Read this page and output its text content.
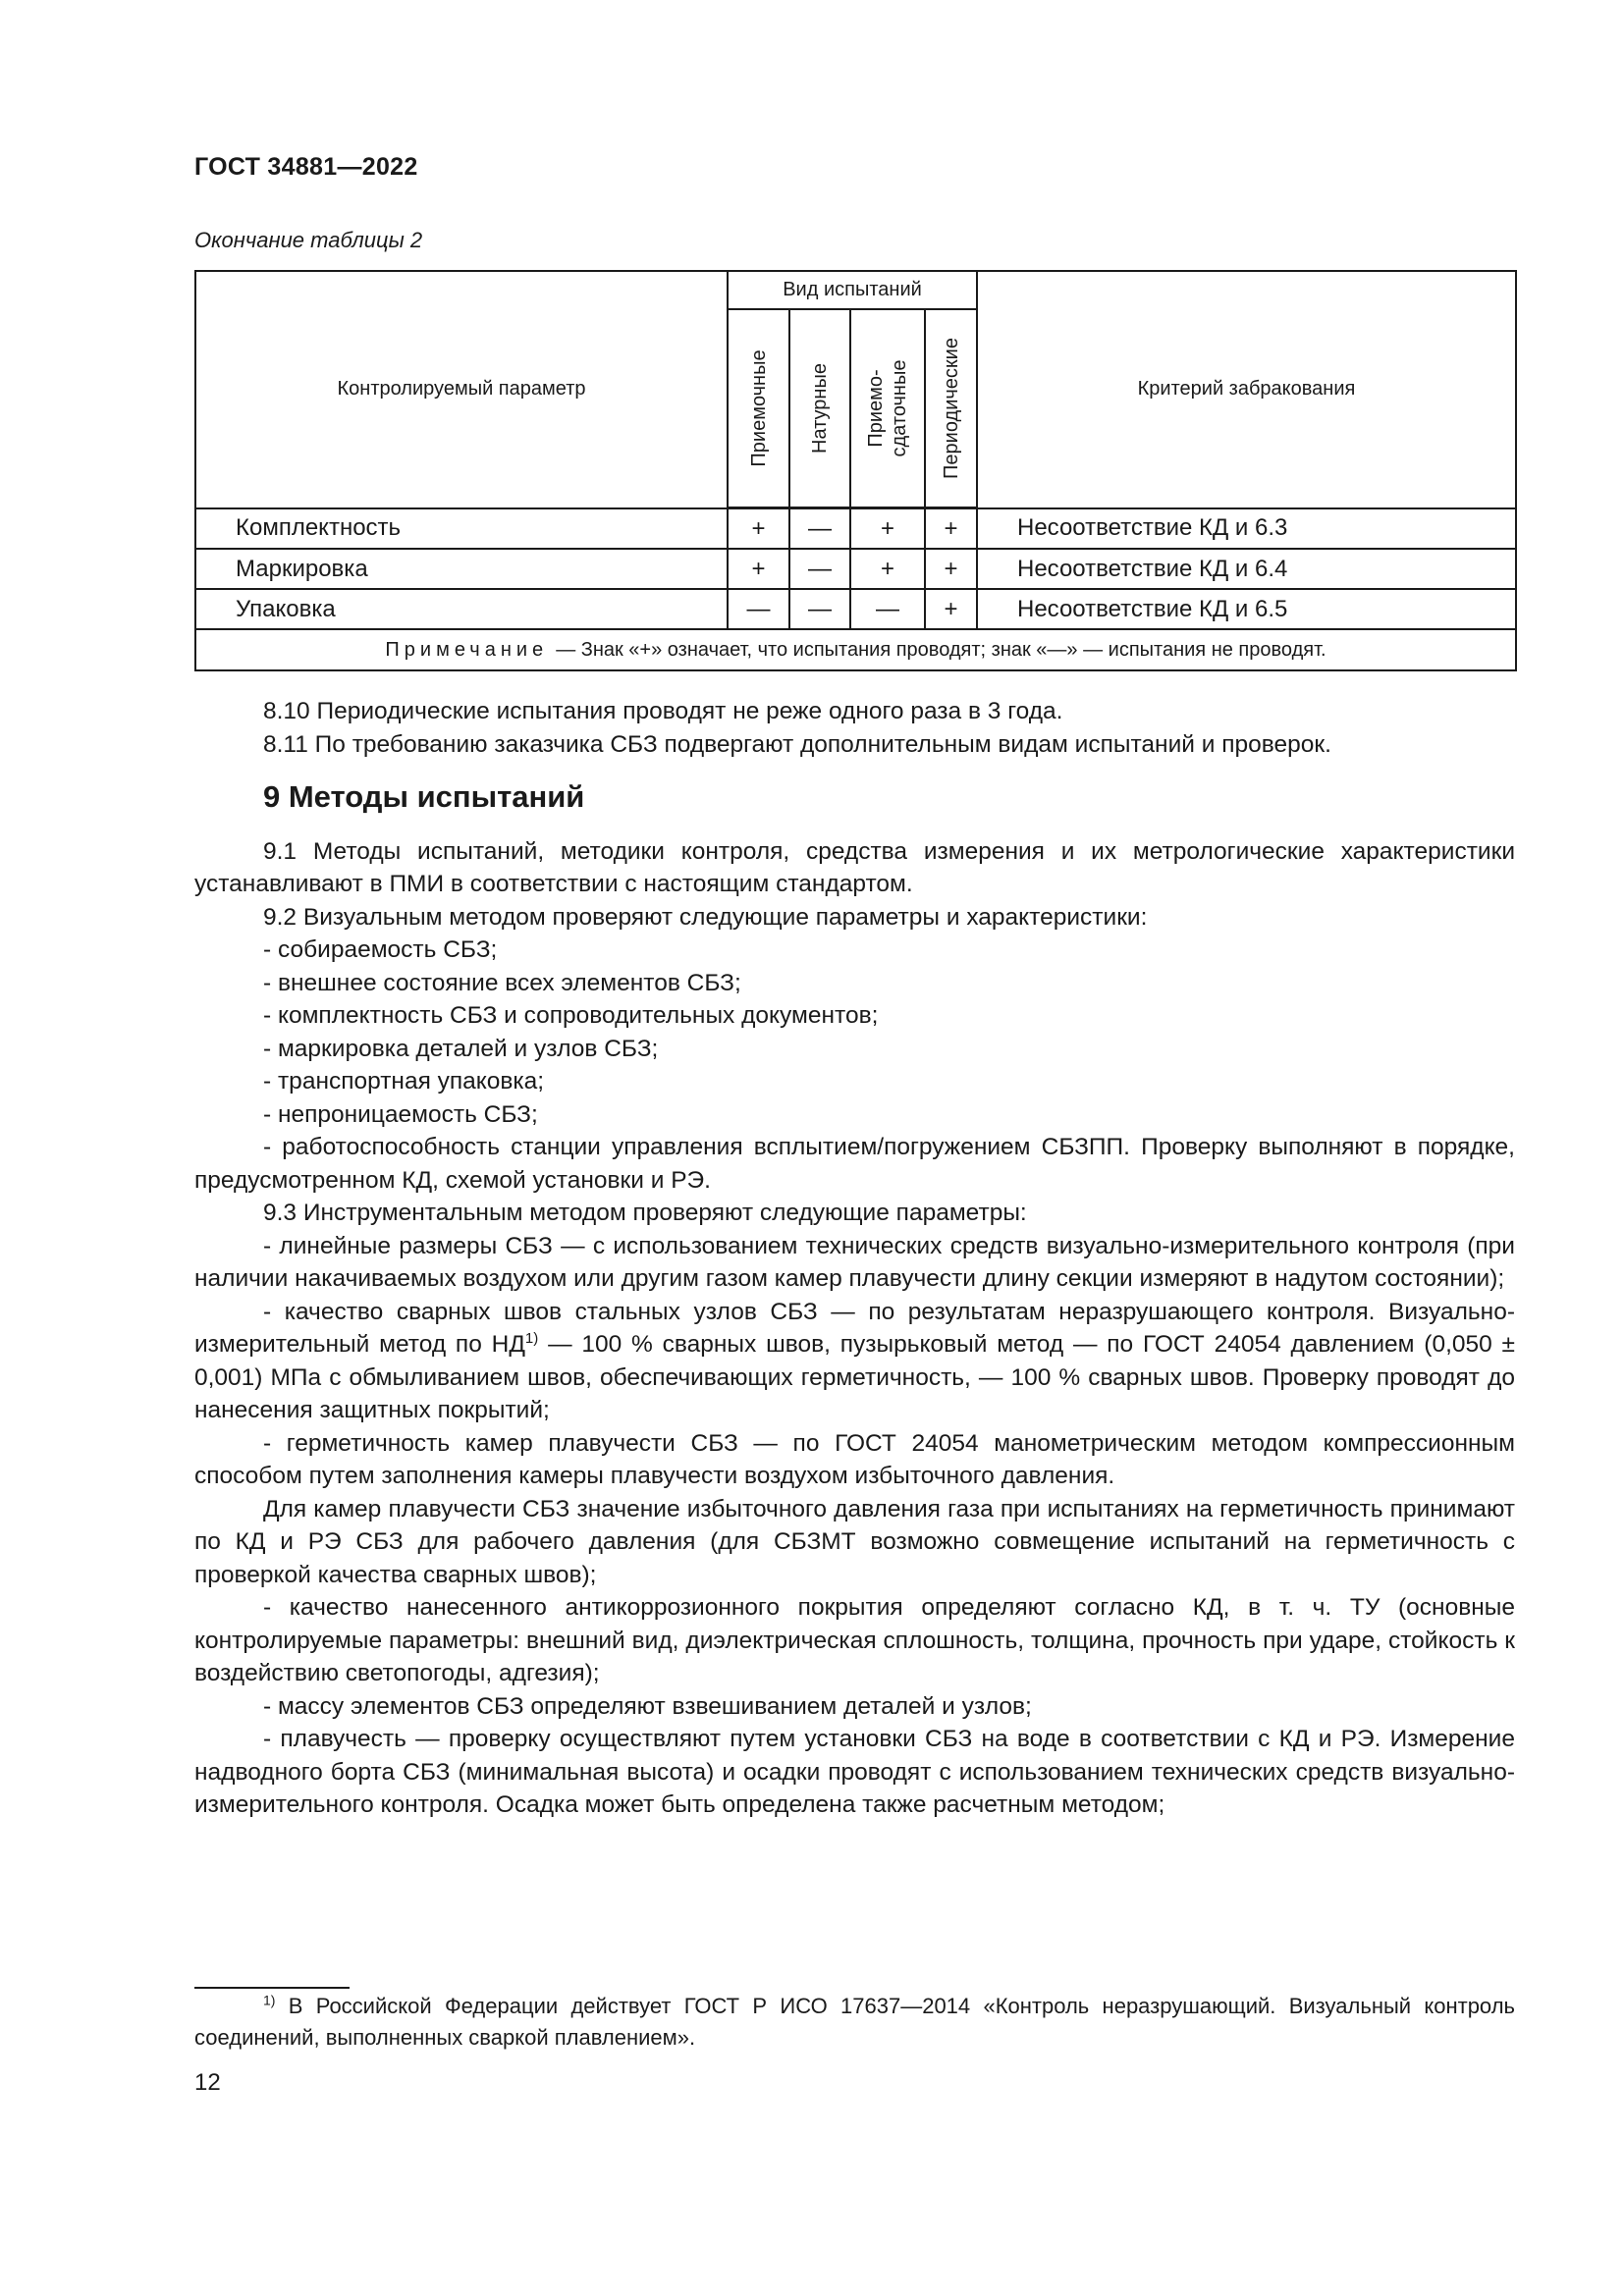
ГОСТ 34881—2022
Окончание таблицы 2
Контролируемый параметр	Вид испытаний				Критерий забракования

	Приемочные	Натурные	Приемо- сдаточные	Периодические	

Комплектность	+	—	+	+	Несоответствие КД и 6.3
Маркировка	+	—	+	+	Несоответствие КД и 6.4
Упаковка	—	—	—	+	Несоответствие КД и 6.5
Примечание — Знак «+» означает, что испытания проводят; знак «—» — испытания не проводят.					

8.10 Периодические испытания проводят не реже одного раза в 3 года.

8.11 По требованию заказчика СБЗ подвергают дополнительным видам испытаний и проверок.

9 Методы испытаний

9.1 Методы испытаний, методики контроля, средства измерения и их метрологические характеристики устанавливают в ПМИ в соответствии с настоящим стандартом.

9.2 Визуальным методом проверяют следующие параметры и характеристики:

- собираемость СБЗ;

- внешнее состояние всех элементов СБЗ;

- комплектность СБЗ и сопроводительных документов;

- маркировка деталей и узлов СБЗ;

- транспортная упаковка;

- непроницаемость СБЗ;

- работоспособность станции управления всплытием/погружением СБЗПП. Проверку выполняют в порядке, предусмотренном КД, схемой установки и РЭ.

9.3 Инструментальным методом проверяют следующие параметры:

- линейные размеры СБЗ — с использованием технических средств визуально-измерительного контроля (при наличии накачиваемых воздухом или другим газом камер плавучести длину секции измеряют в надутом состоянии);

- качество сварных швов стальных узлов СБЗ — по результатам неразрушающего контроля. Визуально-измерительный метод по НД$^{1)}$ — 100 % сварных швов, пузырьковый метод — по ГОСТ 24054 давлением (0,050 ± 0,001) МПа с обмыливанием швов, обеспечивающих герметичность, — 100 % сварных швов. Проверку проводят до нанесения защитных покрытий;

- герметичность камер плавучести СБЗ — по ГОСТ 24054 манометрическим методом компрессионным способом путем заполнения камеры плавучести воздухом избыточного давления.

Для камер плавучести СБЗ значение избыточного давления газа при испытаниях на герметичность принимают по КД и РЭ СБЗ для рабочего давления (для СБЗМТ возможно совмещение испытаний на герметичность с проверкой качества сварных швов);

- качество нанесенного антикоррозионного покрытия определяют согласно КД, в т. ч. ТУ (основные контролируемые параметры: внешний вид, диэлектрическая сплошность, толщина, прочность при ударе, стойкость к воздействию светопогоды, адгезия);

- массу элементов СБЗ определяют взвешиванием деталей и узлов;

- плавучесть — проверку осуществляют путем установки СБЗ на воде в соответствии с КД и РЭ. Измерение надводного борта СБЗ (минимальная высота) и осадки проводят с использованием технических средств визуально-измерительного контроля. Осадка может быть определена также расчетным методом;

$^{1)}$ В Российской Федерации действует ГОСТ Р ИСО 17637—2014 «Контроль неразрушающий. Визуальный контроль соединений, выполненных сваркой плавлением».
12
